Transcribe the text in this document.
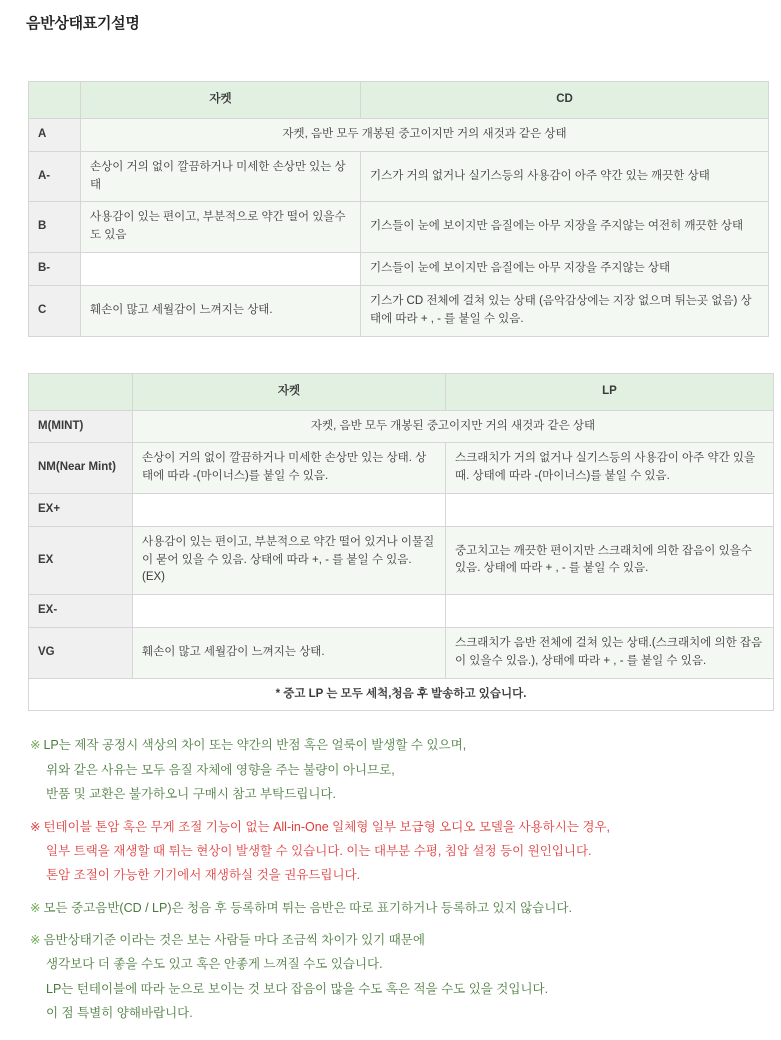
음반상태표기설명
	자켓	CD
A	자켓, 음반 모두 개봉된 중고이지만 거의 새것과 같은 상태	
A-	손상이 거의 없이 깔끔하거나 미세한 손상만 있는 상태	기스가 거의 없거나 실기스등의 사용감이 아주 약간 있는 깨끗한 상태
B	사용감이 있는 편이고, 부분적으로 약간 떨어 있을수도 있음	기스들이 눈에 보이지만 음질에는 아무 지장을 주지않는 여전히 깨끗한 상태
B-		기스들이 눈에 보이지만 음질에는 아무 지장을 주지않는 상태
C	훼손이 많고 세월감이 느껴지는 상태.	기스가 CD 전체에 걸쳐 있는 상태 (음악감상에는 지장 없으며 튀는곳 없음) 상태에 따라 + , - 를 붙일 수 있음.
	자켓	LP
M(MINT)	자켓, 음반 모두 개봉된 중고이지만 거의 새것과 같은 상태	
NM(Near Mint)	손상이 거의 없이 깔끔하거나 미세한 손상만 있는 상태. 상태에 따라 -(마이너스)를 붙일 수 있음.	스크래치가 거의 없거나 실기스등의 사용감이 아주 약간 있을때. 상태에 따라 -(마이너스)를 붙일 수 있음.
EX+		
EX	사용감이 있는 편이고, 부분적으로 약간 떨어 있거나 이물질이 묻어 있을 수 있음. 상태에 따라 +, - 를 붙일 수 있음. (EX)	중고치고는 깨끗한 편이지만 스크래치에 의한 잡음이 있을수 있음. 상태에 따라 + , - 를 붙일 수 있음.
EX-		
VG	훼손이 많고 세월감이 느껴지는 상태.	스크래치가 음반 전체에 걸쳐 있는 상태.(스크래치에 의한 잡음이 있을수 있음.), 상태에 따라 + , - 를 붙일 수 있음.
* 중고 LP 는 모두 세척,청음 후 발송하고 있습니다.		
※ LP는 제작 공정시 색상의 차이 또는 약간의 반점 혹은 얼룩이 발생할 수 있으며,
위와 같은 사유는 모두 음질 자체에 영향을 주는 불량이 아니므로,
반품 및 교환은 불가하오니 구매시 참고 부탁드립니다.
※ 턴테이블 톤암 혹은 무게 조절 기능이 없는 All-in-One 일체형 일부 보급형 오디오 모델을 사용하시는 경우,
일부 트랙을 재생할 때 튀는 현상이 발생할 수 있습니다. 이는 대부분 수평, 침압 설정 등이 원인입니다.
톤암 조절이 가능한 기기에서 재생하실 것을 권유드립니다.
※ 모든 중고음반(CD / LP)은 청음 후 등록하며 튀는 음반은 따로 표기하거나 등록하고 있지 않습니다.
※ 음반상태기준 이라는 것은 보는 사람들 마다 조금씩 차이가 있기 때문에
생각보다 더 좋을 수도 있고 혹은 안좋게 느껴질 수도 있습니다.
LP는 턴테이블에 따라 눈으로 보이는 것 보다 잡음이 많을 수도 혹은 적을 수도 있을 것입니다.
이 점 특별히 양해바랍니다.
